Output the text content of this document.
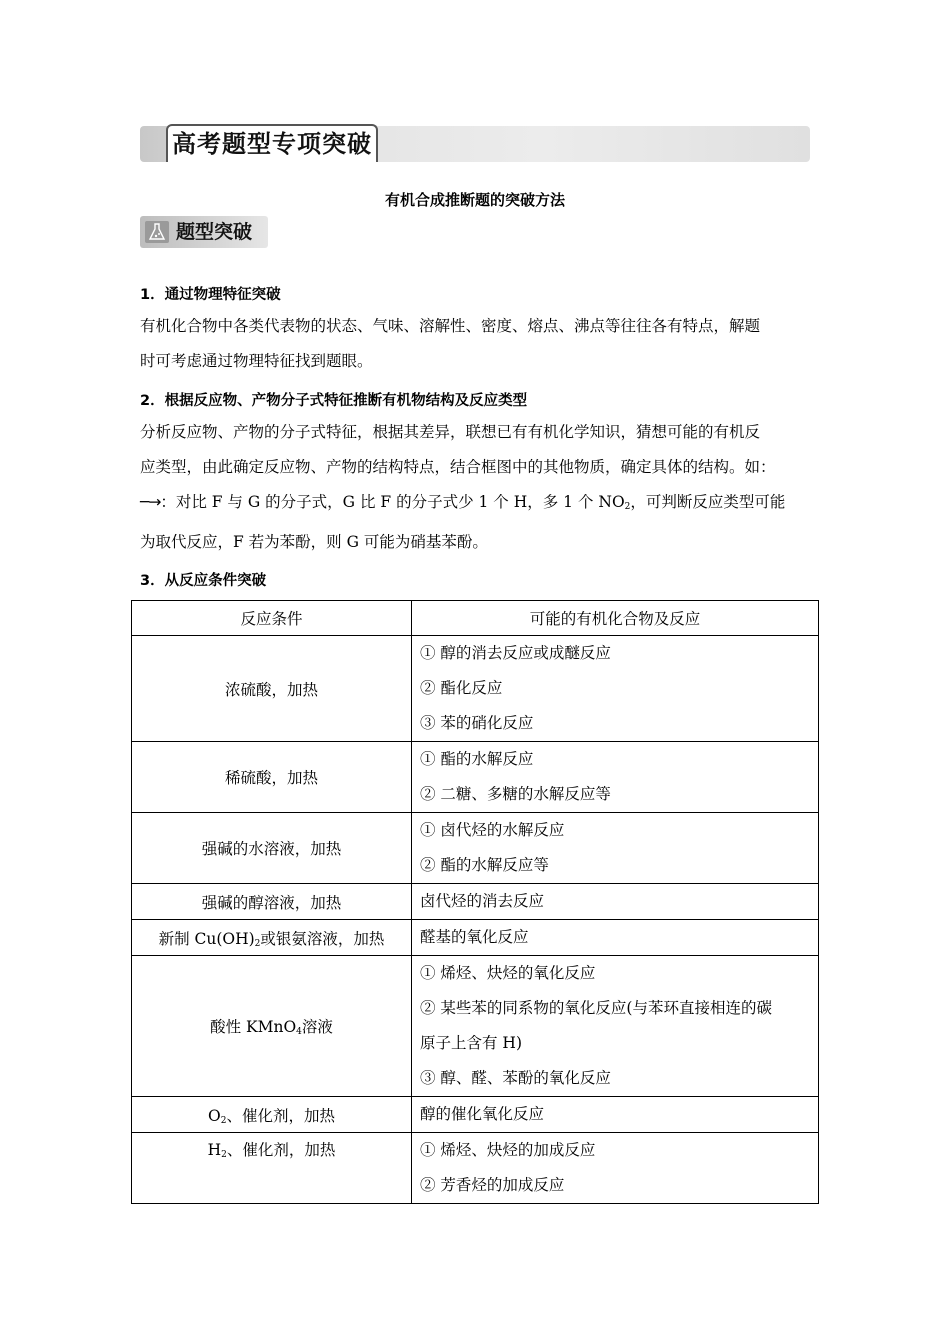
高考题型专项突破
有机合成推断题的突破方法
题型突破
1．通过物理特征突破
有机化合物中各类代表物的状态、气味、溶解性、密度、熔点、沸点等往往各有特点，解题
时可考虑通过物理特征找到题眼。
2．根据反应物、产物分子式特征推断有机物结构及反应类型
分析反应物、产物的分子式特征，根据其差异，联想已有有机化学知识，猜想可能的有机反
应类型，由此确定反应物、产物的结构特点，结合框图中的其他物质，确定具体的结构。如：
─→：对比 F 与 G 的分子式，G 比 F 的分子式少 1 个 H，多 1 个 $NO_2$，可判断反应类型可能
为取代反应，F 若为苯酚，则 G 可能为硝基苯酚。
3．从反应条件突破
反应条件	可能的有机化合物及反应
浓硫酸，加热	① 醇的消去反应或成醚反应
② 酯化反应
③ 苯的硝化反应

稀硫酸，加热	① 酯的水解反应
② 二糖、多糖的水解反应等

强碱的水溶液，加热	① 卤代烃的水解反应
② 酯的水解反应等

强碱的醇溶液，加热	卤代烃的消去反应

新制 $Cu(OH)_2$或银氨溶液，加热	醛基的氧化反应

酸性 KMnO$_4$溶液	① 烯烃、炔烃的氧化反应
② 某些苯的同系物的氧化反应(与苯环直接相连的碳
原子上含有 H)
③ 醇、醛、苯酚的氧化反应

$O_2$、催化剂，加热	醇的催化氧化反应

$H_2$、催化剂，加热	① 烯烃、炔烃的加成反应
② 芳香烃的加成反应
